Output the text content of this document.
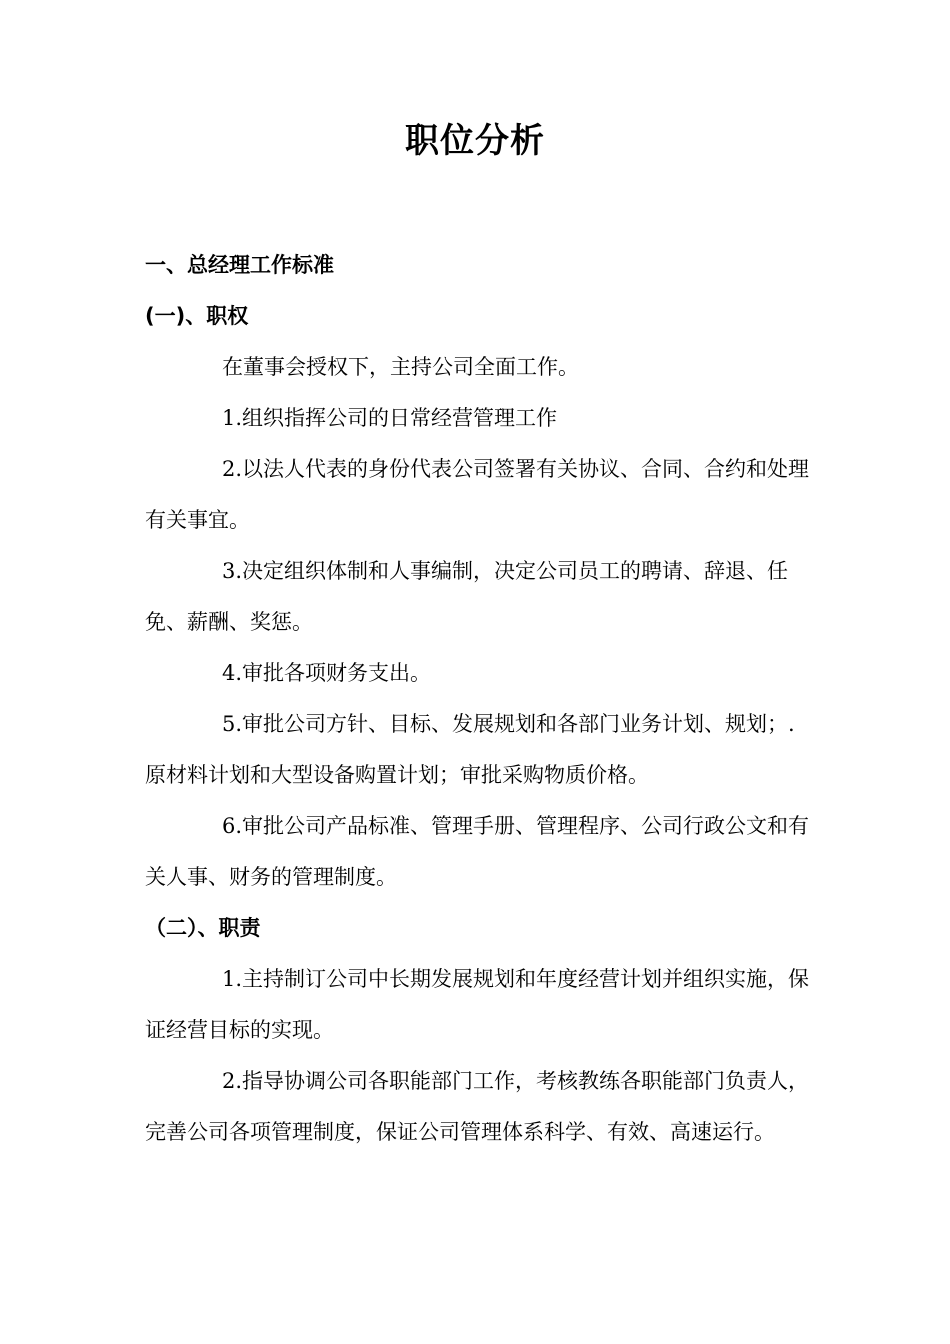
职位分析

一、总经理工作标准

(一)、职权

在董事会授权下，主持公司全面工作。

1.组织指挥公司的日常经营管理工作

2.以法人代表的身份代表公司签署有关协议、合同、合约和处理有关事宜。

3.决定组织体制和人事编制，决定公司员工的聘请、辞退、任免、薪酬、奖惩。

4.审批各项财务支出。

5.审批公司方针、目标、发展规划和各部门业务计划、规划；.原材料计划和大型设备购置计划；审批采购物质价格。

6.审批公司产品标准、管理手册、管理程序、公司行政公文和有关人事、财务的管理制度。

（二）、职责

1.主持制订公司中长期发展规划和年度经营计划并组织实施，保证经营目标的实现。

2.指导协调公司各职能部门工作，考核教练各职能部门负责人，完善公司各项管理制度，保证公司管理体系科学、有效、高速运行。
